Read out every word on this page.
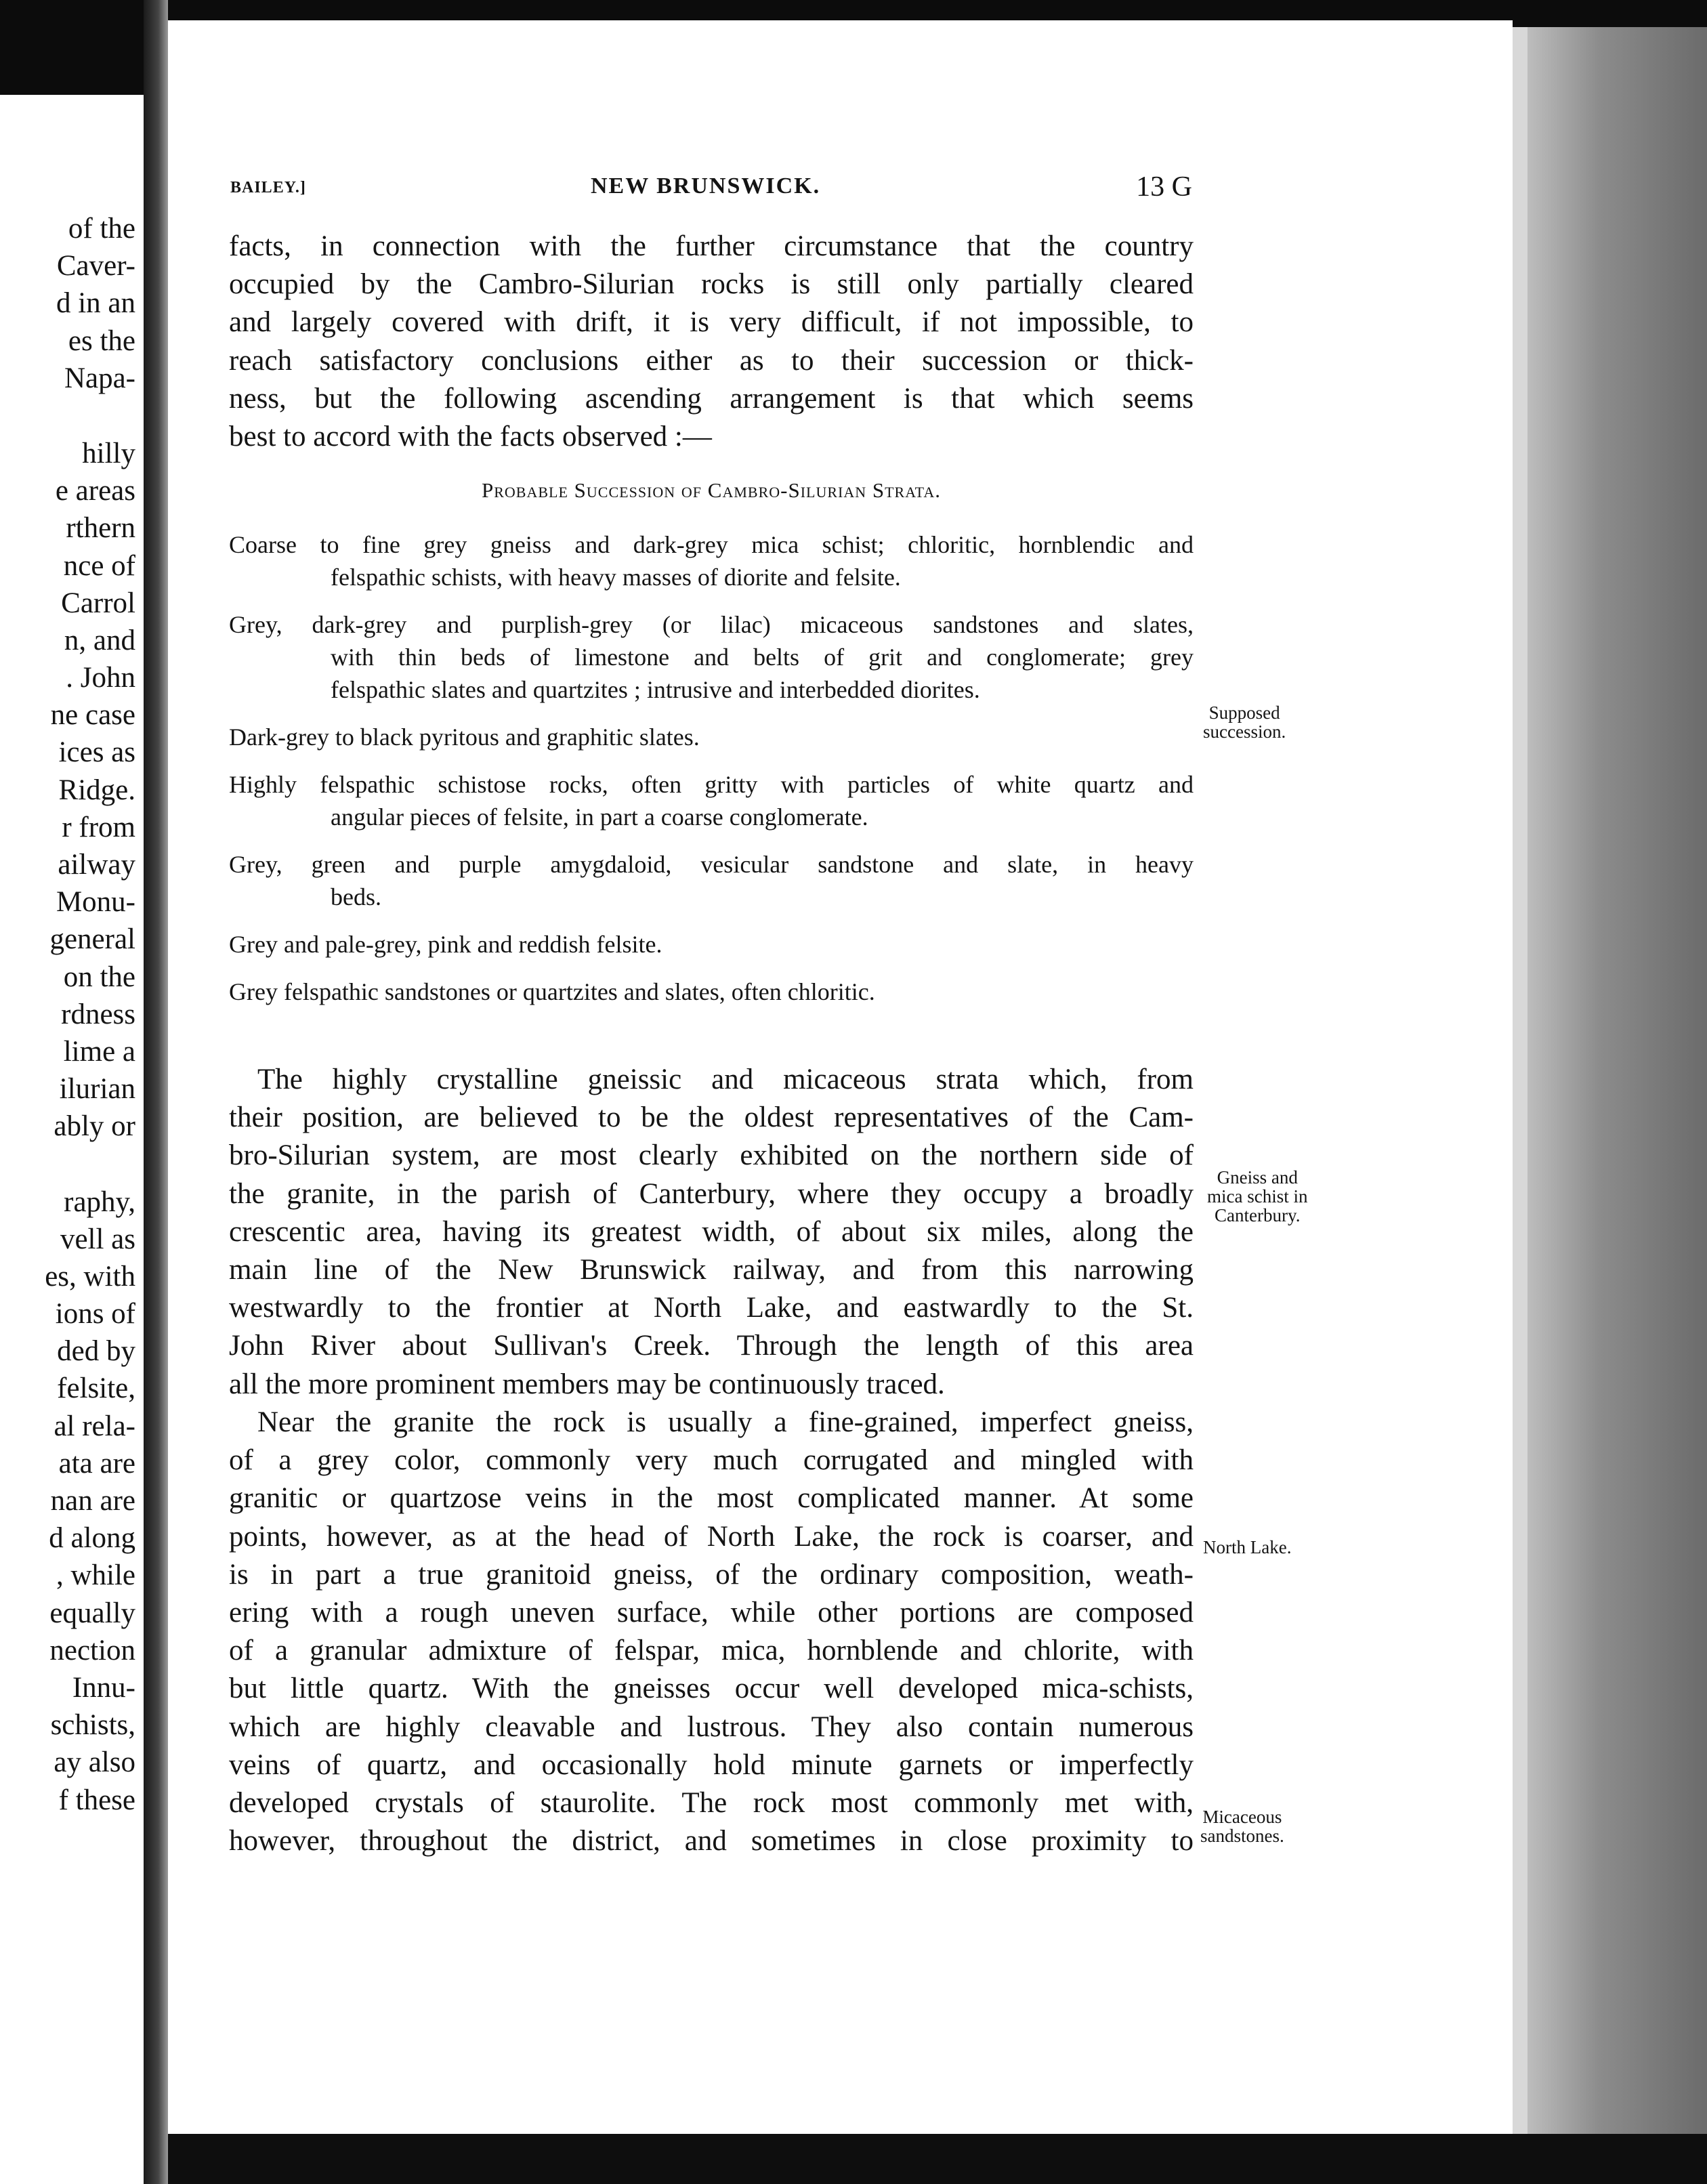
of the
Caver-
d in an
es the
Napa-
hilly
e areas
rthern
nce of
Carrol
n, and
. John
ne case
ices as
Ridge.
r from
ailway
Monu-
general
on the
rdness
lime a
ilurian
ably or
raphy,
vell as
es, with
ions of
ded by
felsite,
al rela-
ata are
nan are
d along
, while
equally
nection
Innu-
schists,
ay also
f these
BAILEY.]	NEW BRUNSWICK.	13 G
facts, in connection with the further circumstance that the country
occupied by the Cambro-Silurian rocks is still only partially cleared
and largely covered with drift, it is very difficult, if not impossible, to
reach satisfactory conclusions either as to their succession or thick-
ness, but the following ascending arrangement is that which seems
best to accord with the facts observed :—
Probable Succession of Cambro-Silurian Strata.
Coarse to fine grey gneiss and dark-grey mica schist; chloritic, hornblendic and
felspathic schists, with heavy masses of diorite and felsite.
Grey, dark-grey and purplish-grey (or lilac) micaceous sandstones and slates,
with thin beds of limestone and belts of grit and conglomerate; grey
felspathic slates and quartzites ; intrusive and interbedded diorites.
Dark-grey to black pyritous and graphitic slates.
Highly felspathic schistose rocks, often gritty with particles of white quartz and
angular pieces of felsite, in part a coarse conglomerate.
Grey, green and purple amygdaloid, vesicular sandstone and slate, in heavy
beds.
Grey and pale-grey, pink and reddish felsite.
Grey felspathic sandstones or quartzites and slates, often chloritic.
The highly crystalline gneissic and micaceous strata which, from
their position, are believed to be the oldest representatives of the Cam-
bro-Silurian system, are most clearly exhibited on the northern side of
the granite, in the parish of Canterbury, where they occupy a broadly
crescentic area, having its greatest width, of about six miles, along the
main line of the New Brunswick railway, and from this narrowing
westwardly to the frontier at North Lake, and eastwardly to the St.
John River about Sullivan's Creek. Through the length of this area
all the more prominent members may be continuously traced.
Near the granite the rock is usually a fine-grained, imperfect gneiss,
of a grey color, commonly very much corrugated and mingled with
granitic or quartzose veins in the most complicated manner. At some
points, however, as at the head of North Lake, the rock is coarser, and
is in part a true granitoid gneiss, of the ordinary composition, weath-
ering with a rough uneven surface, while other portions are composed
of a granular admixture of felspar, mica, hornblende and chlorite, with
but little quartz. With the gneisses occur well developed mica-schists,
which are highly cleavable and lustrous. They also contain numerous
veins of quartz, and occasionally hold minute garnets or imperfectly
developed crystals of staurolite. The rock most commonly met with,
however, throughout the district, and sometimes in close proximity to
Supposed
succession.
Gneiss and
mica schist in
Canterbury.
North Lake.
Micaceous
sandstones.
